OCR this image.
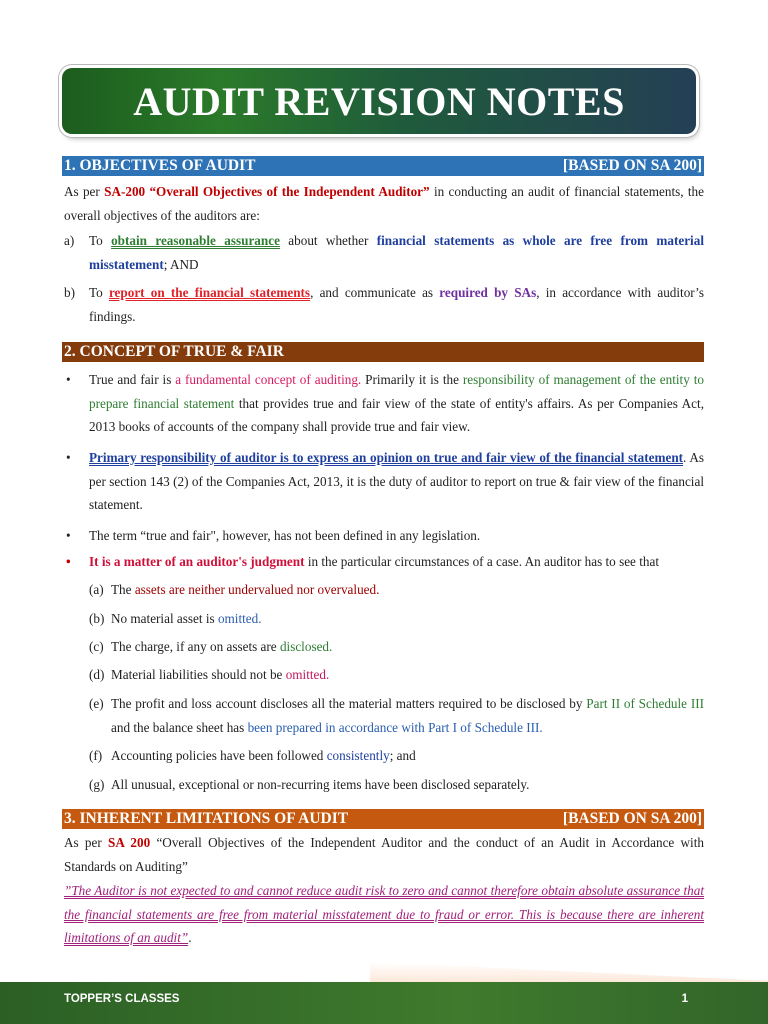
AUDIT REVISION NOTES
1. OBJECTIVES OF AUDIT	[BASED ON SA 200]

As per SA-200 “Overall Objectives of the Independent Auditor” in conducting an audit of financial statements, the overall objectives of the auditors are:

a)	To obtain reasonable assurance about whether financial statements as whole are free from material misstatement; AND
b)	To report on the financial statements, and communicate as required by SAs, in accordance with auditor’s findings.
2. CONCEPT OF TRUE & FAIR
•	True and fair is a fundamental concept of auditing. Primarily it is the responsibility of management of the entity to prepare financial statement that provides true and fair view of the state of entity's affairs. As per Companies Act, 2013 books of accounts of the company shall provide true and fair view.
•	Primary responsibility of auditor is to express an opinion on true and fair view of the financial statement. As per section 143 (2) of the Companies Act, 2013, it is the duty of auditor to report on true & fair view of the financial statement.
•	The term “true and fair", however, has not been defined in any legislation.
•	It is a matter of an auditor's judgment in the particular circumstances of a case. An auditor has to see that
(a) The assets are neither undervalued nor overvalued.
(b) No material asset is omitted.
(c) The charge, if any on assets are disclosed.
(d) Material liabilities should not be omitted.
(e) The profit and loss account discloses all the material matters required to be disclosed by Part II of Schedule III and the balance sheet has been prepared in accordance with Part I of Schedule III.
(f) Accounting policies have been followed consistently; and
(g) All unusual, exceptional or non-recurring items have been disclosed separately.
3. INHERENT LIMITATIONS OF AUDIT	[BASED ON SA 200]

As per SA 200 “Overall Objectives of the Independent Auditor and the conduct of an Audit in Accordance with Standards on Auditing”

”The Auditor is not expected to and cannot reduce audit risk to zero and cannot therefore obtain absolute assurance that the financial statements are free from material misstatement due to fraud or error. This is because there are inherent limitations of an audit”.

TOPPER’S CLASSES	1
